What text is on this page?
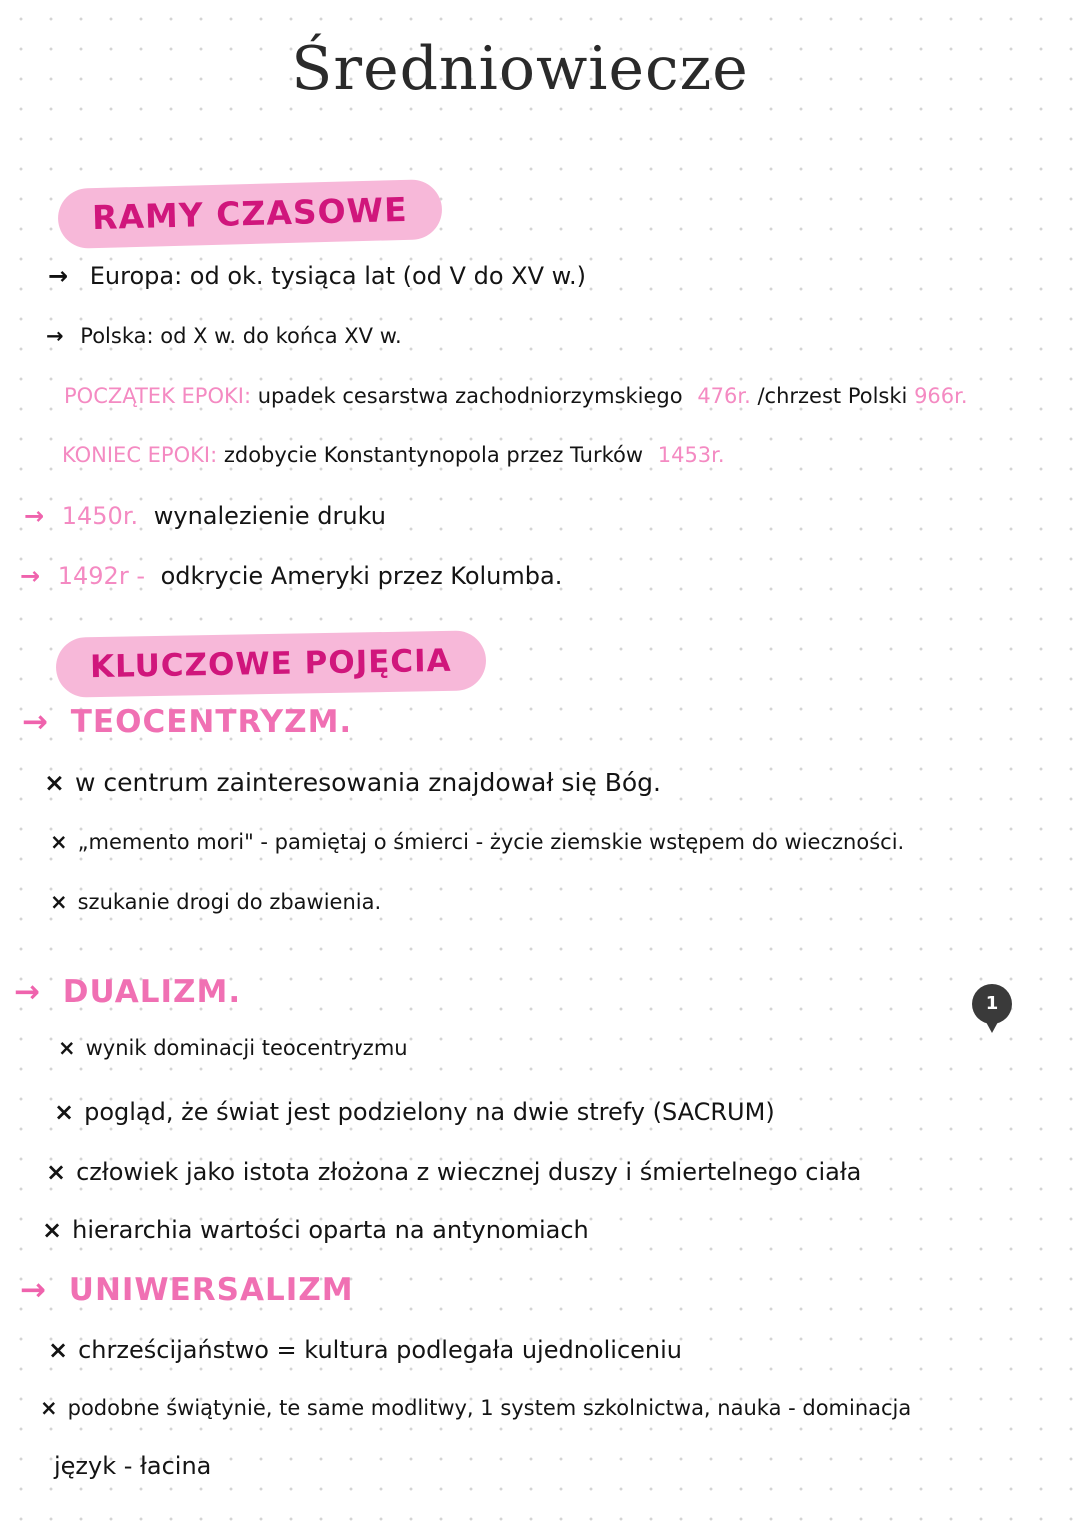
Średniowiecze
RAMY CZASOWE
→ Europa: od ok. tysiąca lat (od V do XV w.)
→ Polska: od X w. do końca XV w.
POCZĄTEK EPOKI: upadek cesarstwa zachodniorzymskiego 476r. /chrzest Polski 966r.
KONIEC EPOKI: zdobycie Konstantynopola przez Turków 1453r.
→ 1450r. wynalezienie druku
→ 1492r - odkrycie Ameryki przez Kolumba.
KLUCZOWE POJĘCIA
→ TEOCENTRYZM.
× w centrum zainteresowania znajdował się Bóg.
× „memento mori" - pamiętaj o śmierci - życie ziemskie wstępem do wieczności.
× szukanie drogi do zbawienia.
→ DUALIZM.
× wynik dominacji teocentryzmu
× pogląd, że świat jest podzielony na dwie strefy (SACRUM)
× człowiek jako istota złożona z wiecznej duszy i śmiertelnego ciała
× hierarchia wartości oparta na antynomiach
→ UNIWERSALIZM
× chrześcijaństwo = kultura podlegała ujednoliceniu
× podobne świątynie, te same modlitwy, 1 system szkolnictwa, nauka - dominacja
język - łacina
1
